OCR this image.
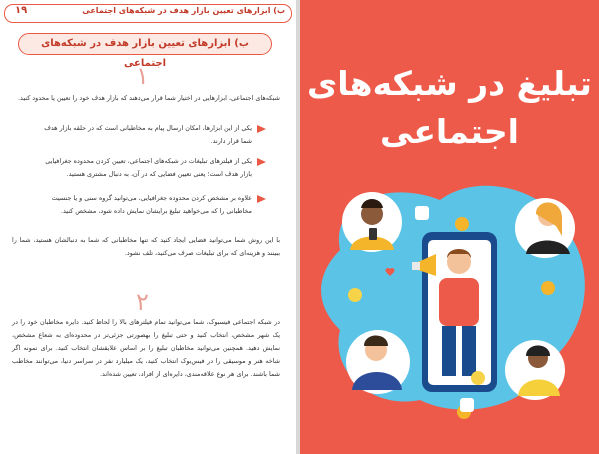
ب) ابزارهای تعیین بازار هدف در شبکه‌های اجتماعی
۱۹
ب) ابزارهای تعیین بازار هدف در شبکه‌های اجتماعی
۱
شبکه‌های اجتماعی، ابزارهایی در اختیار شما قرار می‌دهند که بازار هدف خود را تعیین یا محدود کنید.
یکی از این ابزارها، امکان ارسال پیام به مخاطبانی است که در حلقه بازار هدف شما قرار دارند.
یکی از فیلترهای تبلیغات در شبکه‌های اجتماعی، تعیین کردن محدوده جغرافیایی بازار هدف است؛ یعنی تعیین فضایی که در آن، به دنبال مشتری هستید.
علاوه بر مشخص کردن محدوده جغرافیایی، می‌توانید گروه سنی و یا جنسیت مخاطبانی را که می‌خواهید تبلیغ برایشان نمایش داده شود، مشخص کنید.
با این روش شما می‌توانید فضایی ایجاد کنید که تنها مخاطبانی که شما به دنبالشان هستید، شما را ببینند و هزینه‌ای که برای تبلیغات صرف می‌کنید، تلف نشود.
۲
در شبکه اجتماعی فیسبوک، شما می‌توانید تمام فیلترهای بالا را لحاظ کنید. دایره مخاطبان خود را در یک شهر مشخص، انتخاب کنید و حتی تبلیغ را بهصورتی جزئی‌تر در محدوده‌ای به شعاع مشخص، نمایش دهید. همچنین می‌توانید مخاطبان تبلیغ را بر اساس علایقشان انتخاب کنید. برای نمونه اگر شاخه هنر و موسیقی را در فیس‌بوک انتخاب کنید، یک میلیارد نفر در سراسر دنیا، می‌توانند مخاطب شما باشند. برای هر نوع علاقه‌مندی، دایره‌ای از افراد، تعیین شده‌اند.
تبلیغ در شبکه‌های
اجتماعی
